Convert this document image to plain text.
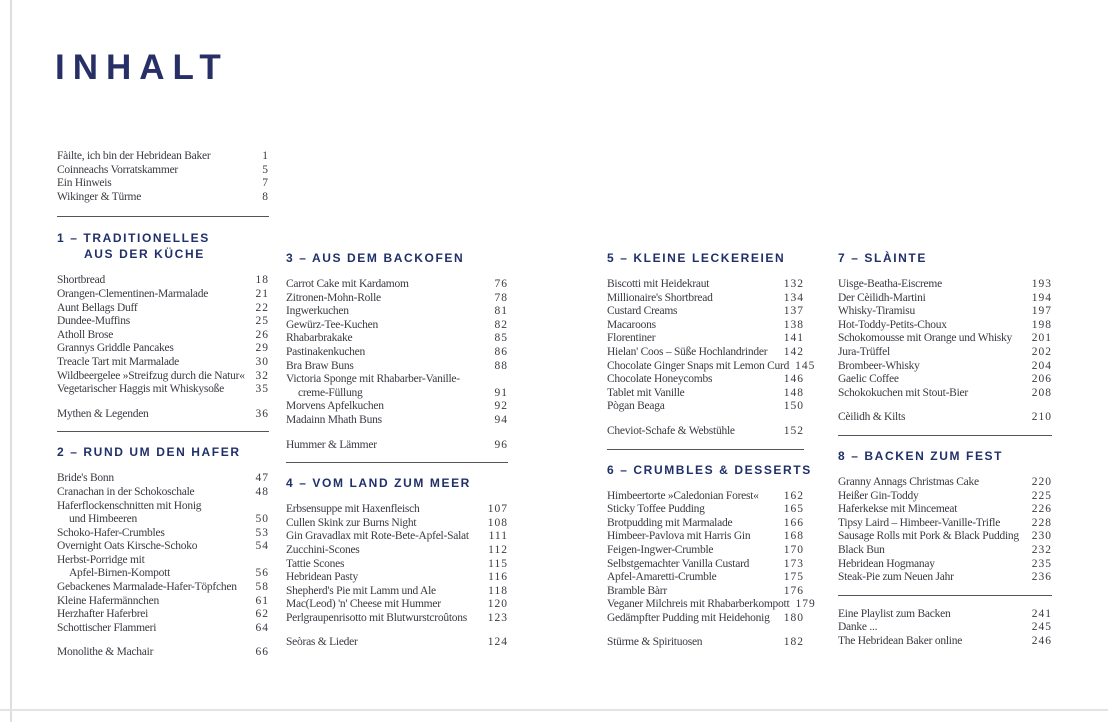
INHALT
Fàilte, ich bin der Hebridean Baker	1
Coinneachs Vorratskammer	5
Ein Hinweis	7
Wikinger & Türme	8
1 – TRADITIONELLES
AUS DER KÜCHE
Shortbread	18
Orangen-Clementinen-Marmalade	21
Aunt Bellags Duff	22
Dundee-Muffins	25
Atholl Brose	26
Grannys Griddle Pancakes	29
Treacle Tart mit Marmalade	30
Wildbeergelee »Streifzug durch die Natur« 32
Vegetarischer Haggis mit Whiskysoße	35
Mythen & Legenden	36
2 – RUND UM DEN HAFER
Bride's Bonn	47
Cranachan in der Schokoschale	48
Haferflockenschnitten mit Honig
und Himbeeren	50
Schoko-Hafer-Crumbles	53
Overnight Oats Kirsche-Schoko	54
Herbst-Porridge mit
Apfel-Birnen-Kompott	56
Gebackenes Marmalade-Hafer-Töpfchen	58
Kleine Hafermännchen	61
Herzhafter Haferbrei	62
Schottischer Flammeri	64
Monolithe & Machair	66
3 – AUS DEM BACKOFEN
Carrot Cake mit Kardamom	76
Zitronen-Mohn-Rolle	78
Ingwerkuchen	81
Gewürz-Tee-Kuchen	82
Rhabarbrakake	85
Pastinakenkuchen	86
Bra Braw Buns	88
Victoria Sponge mit Rhabarber-Vanille-
creme-Füllung	91
Morvens Apfelkuchen	92
Madainn Mhath Buns	94
Hummer & Lämmer	96
4 – VOM LAND ZUM MEER
Erbsensuppe mit Haxenfleisch	107
Cullen Skink zur Burns Night	108
Gin Gravadlax mit Rote-Bete-Apfel-Salat	111
Zucchini-Scones	112
Tattie Scones	115
Hebridean Pasty	116
Shepherd's Pie mit Lamm und Ale	118
Mac(Leod) 'n' Cheese mit Hummer	120
Perlgraupenrisotto mit Blutwurstcroûtons	123
Seòras & Lieder	124
5 – KLEINE LECKEREIEN
Biscotti mit Heidekraut	132
Millionaire's Shortbread	134
Custard Creams	137
Macaroons	138
Florentiner	141
Hielan' Coos – Süße Hochlandrinder	142
Chocolate Ginger Snaps mit Lemon Curd 145
Chocolate Honeycombs	146
Tablet mit Vanille	148
Pògan Beaga	150
Cheviot-Schafe & Webstühle	152
6 – CRUMBLES & DESSERTS
Himbeertorte »Caledonian Forest«	162
Sticky Toffee Pudding	165
Brotpudding mit Marmalade	166
Himbeer-Pavlova mit Harris Gin	168
Feigen-Ingwer-Crumble	170
Selbstgemachter Vanilla Custard	173
Apfel-Amaretti-Crumble	175
Bramble Bàrr	176
Veganer Milchreis mit Rhabarberkompott 179
Gedämpfter Pudding mit Heidehonig	180
Stürme & Spirituosen	182
7 – SLÀINTE
Uisge-Beatha-Eiscreme	193
Der Cèilidh-Martini	194
Whisky-Tiramisu	197
Hot-Toddy-Petits-Choux	198
Schokomousse mit Orange und Whisky	201
Jura-Trüffel	202
Brombeer-Whisky	204
Gaelic Coffee	206
Schokokuchen mit Stout-Bier	208
Cèilidh & Kilts	210
8 – BACKEN ZUM FEST
Granny Annags Christmas Cake	220
Heißer Gin-Toddy	225
Haferkekse mit Mincemeat	226
Tipsy Laird – Himbeer-Vanille-Trifle	228
Sausage Rolls mit Pork & Black Pudding	230
Black Bun	232
Hebridean Hogmanay	235
Steak-Pie zum Neuen Jahr	236
Eine Playlist zum Backen	241
Danke ...	245
The Hebridean Baker online	246
